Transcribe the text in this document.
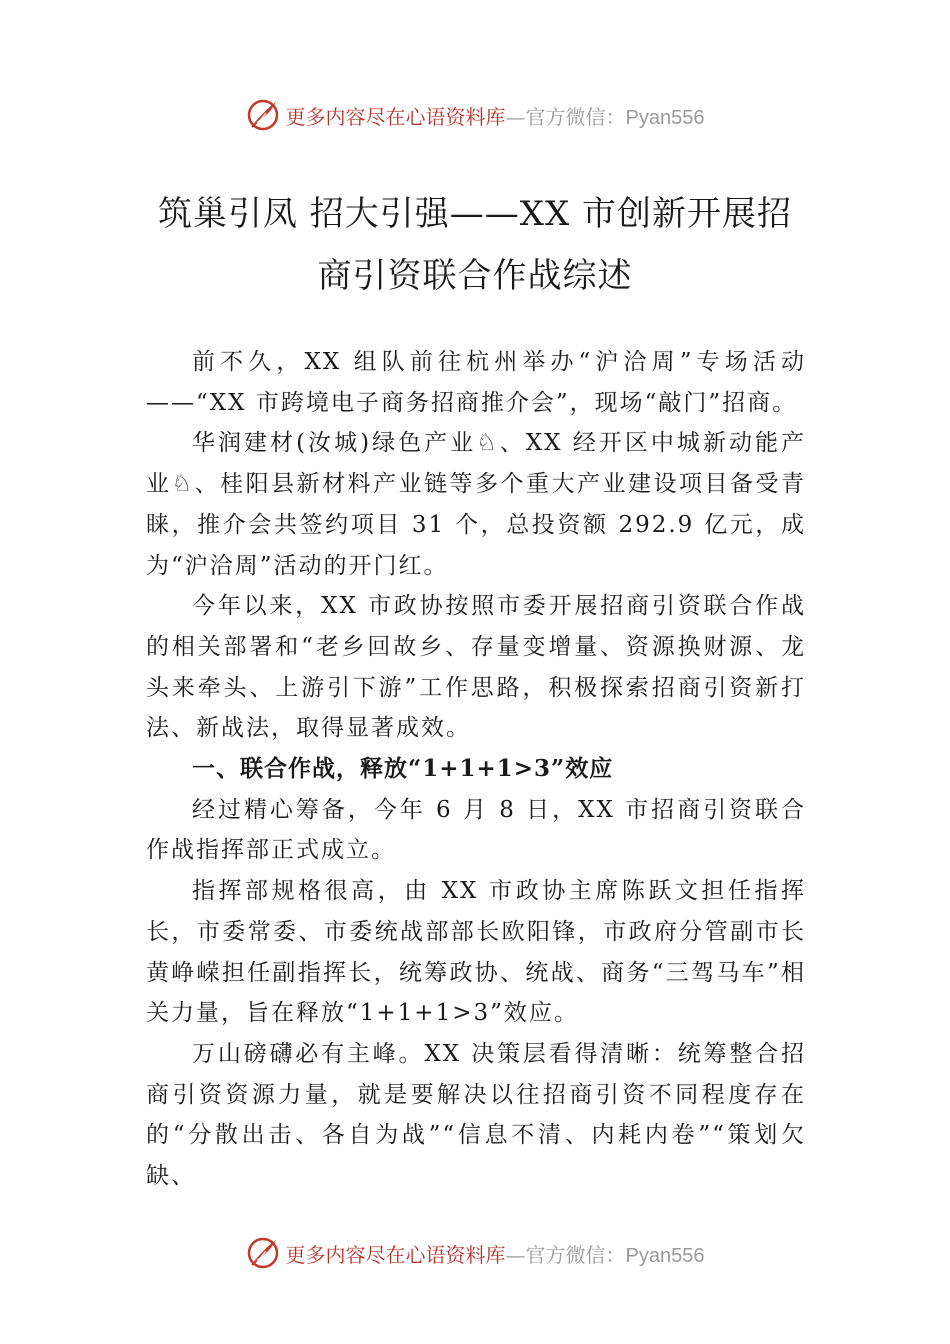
更多内容尽在心语资料库—官方微信：Pyan556
筑巢引凤 招大引强——XX 市创新开展招
商引资联合作战综述

前不久，XX 组队前往杭州举办“沪洽周”专场活动——“XX 市跨境电子商务招商推介会”，现场“敲门”招商。

华润建材(汝城)绿色产业♘、XX 经开区中城新动能产业♘、桂阳县新材料产业链等多个重大产业建设项目备受青睐，推介会共签约项目 31 个，总投资额 292.9 亿元，成为“沪洽周”活动的开门红。

今年以来，XX 市政协按照市委开展招商引资联合作战的相关部署和“老乡回故乡、存量变增量、资源换财源、龙头来牵头、上游引下游”工作思路，积极探索招商引资新打法、新战法，取得显著成效。

一、联合作战，释放“1+1+1>3”效应

经过精心筹备，今年 6 月 8 日，XX 市招商引资联合作战指挥部正式成立。

指挥部规格很高，由 XX 市政协主席陈跃文担任指挥长，市委常委、市委统战部部长欧阳锋，市政府分管副市长黄峥嵘担任副指挥长，统筹政协、统战、商务“三驾马车”相关力量，旨在释放“1+1+1>3”效应。

万山磅礴必有主峰。XX 决策层看得清晰：统筹整合招商引资资源力量，就是要解决以往招商引资不同程度存在的“分散出击、各自为战”“信息不清、内耗内卷”“策划欠缺、

更多内容尽在心语资料库—官方微信：Pyan556
